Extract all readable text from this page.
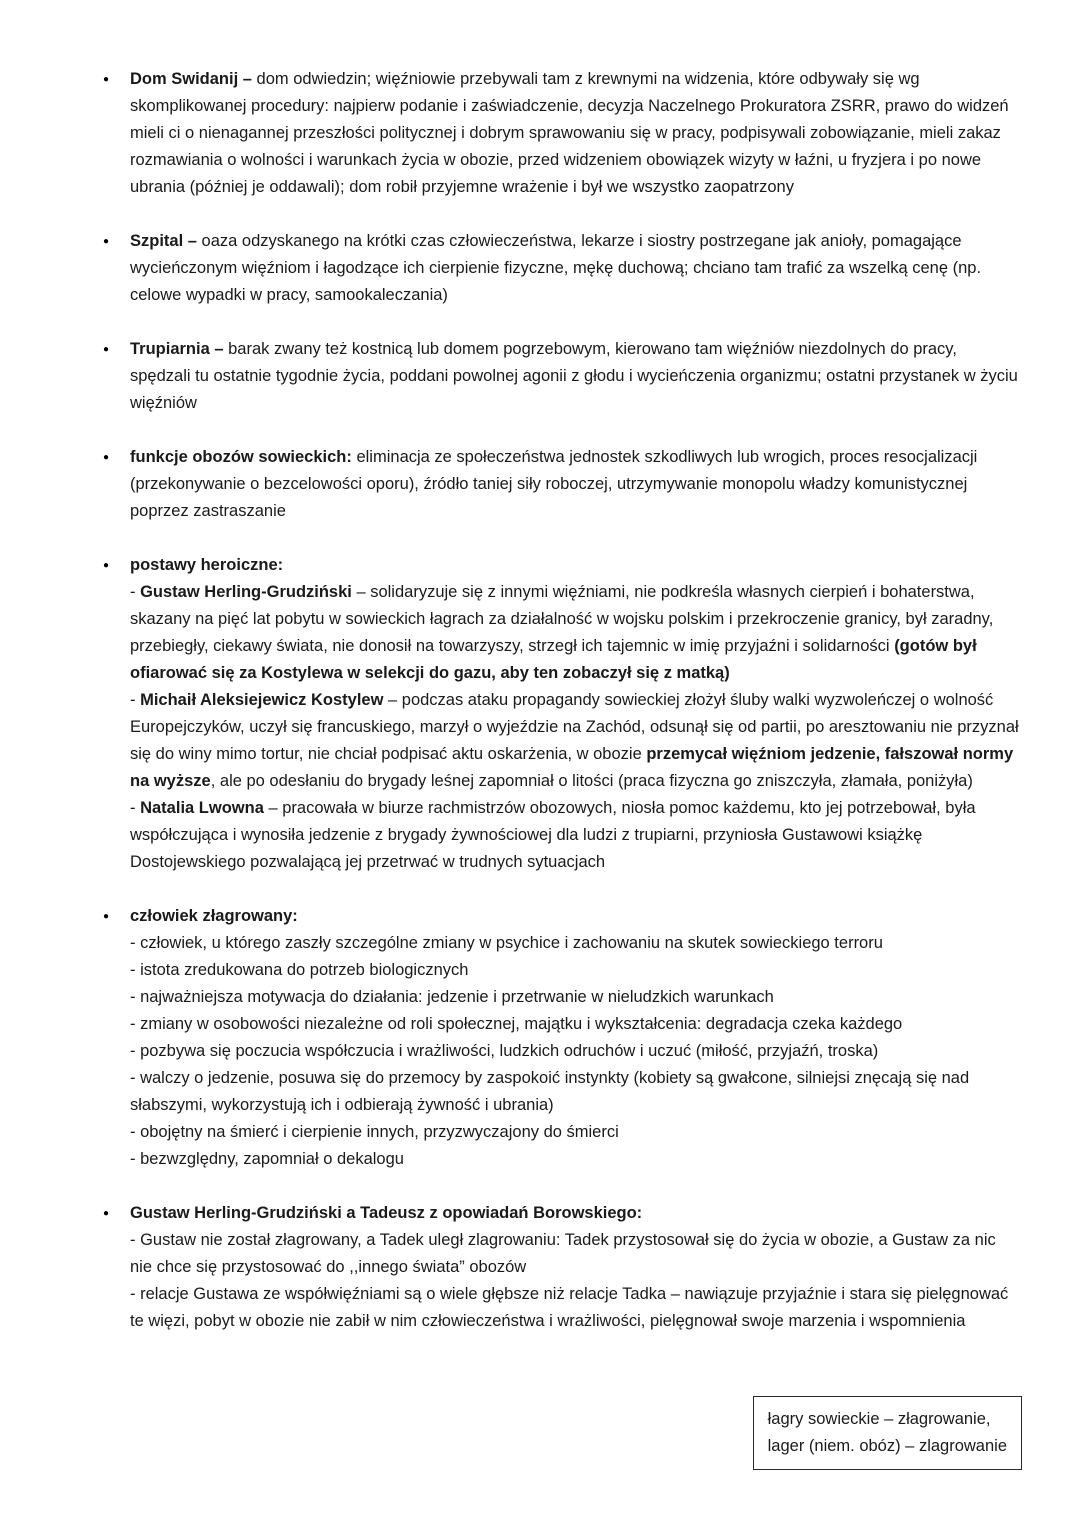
●	Dom Swidanij – dom odwiedzin; więźniowie przebywali tam z krewnymi na widzenia, które odbywały się wg skomplikowanej procedury: najpierw podanie i zaświadczenie, decyzja Naczelnego Prokuratora ZSRR, prawo do widzeń mieli ci o nienagannej przeszłości politycznej i dobrym sprawowaniu się w pracy, podpisywali zobowiązanie, mieli zakaz rozmawiania o wolności i warunkach życia w obozie, przed widzeniem obowiązek wizyty w łaźni, u fryzjera i po nowe ubrania (później je oddawali); dom robił przyjemne wrażenie i był we wszystko zaopatrzony
●	Szpital – oaza odzyskanego na krótki czas człowieczeństwa, lekarze i siostry postrzegane jak anioły, pomagające wycieńczonym więźniom i łagodzące ich cierpienie fizyczne, mękę duchową; chciano tam trafić za wszelką cenę (np. celowe wypadki w pracy, samookaleczania)
●	Trupiarnia – barak zwany też kostnicą lub domem pogrzebowym, kierowano tam więźniów niezdolnych do pracy, spędzali tu ostatnie tygodnie życia, poddani powolnej agonii z głodu i wycieńczenia organizmu; ostatni przystanek w życiu więźniów
●	funkcje obozów sowieckich: eliminacja ze społeczeństwa jednostek szkodliwych lub wrogich, proces resocjalizacji (przekonywanie o bezcelowości oporu), źródło taniej siły roboczej, utrzymywanie monopolu władzy komunistycznej poprzez zastraszanie
●	postawy heroiczne:
- Gustaw Herling-Grudziński – solidaryzuje się z innymi więźniami, nie podkreśla własnych cierpień i bohaterstwa, skazany na pięć lat pobytu w sowieckich łagrach za działalność w wojsku polskim i przekroczenie granicy, był zaradny, przebiegły, ciekawy świata, nie donosił na towarzyszy, strzegł ich tajemnic w imię przyjaźni i solidarności (gotów był ofiarować się za Kostylewa w selekcji do gazu, aby ten zobaczył się z matką)
- Michaił Aleksiejewicz Kostylew – podczas ataku propagandy sowieckiej złożył śluby walki wyzwoleńczej o wolność Europejczyków, uczył się francuskiego, marzył o wyjeździe na Zachód, odsunął się od partii, po aresztowaniu nie przyznał się do winy mimo tortur, nie chciał podpisać aktu oskarżenia, w obozie przemycał więźniom jedzenie, fałszował normy na wyższe, ale po odesłaniu do brygady leśnej zapomniał o litości (praca fizyczna go zniszczyła, złamała, poniżyła)
- Natalia Lwowna – pracowała w biurze rachmistrzów obozowych, niosła pomoc każdemu, kto jej potrzebował, była współczująca i wynosiła jedzenie z brygady żywnościowej dla ludzi z trupiarni, przyniosła Gustawowi książkę Dostojewskiego pozwalającą jej przetrwać w trudnych sytuacjach
●	człowiek złagrowany:
- człowiek, u którego zaszły szczególne zmiany w psychice i zachowaniu na skutek sowieckiego terroru
- istota zredukowana do potrzeb biologicznych
- najważniejsza motywacja do działania: jedzenie i przetrwanie w nieludzkich warunkach
- zmiany w osobowości niezależne od roli społecznej, majątku i wykształcenia: degradacja czeka każdego
- pozbywa się poczucia współczucia i wrażliwości, ludzkich odruchów i uczuć (miłość, przyjaźń, troska)
- walczy o jedzenie, posuwa się do przemocy by zaspokoić instynkty (kobiety są gwałcone, silniejsi znęcają się nad słabszymi, wykorzystują ich i odbierają żywność i ubrania)
- obojętny na śmierć i cierpienie innych, przyzwyczajony do śmierci
- bezwzględny, zapomniał o dekalogu
●	Gustaw Herling-Grudziński a Tadeusz z opowiadań Borowskiego:
- Gustaw nie został złagrowany, a Tadek uległ zlagrowaniu: Tadek przystosował się do życia w obozie, a Gustaw za nic nie chce się przystosować do ,,innego świata” obozów
- relacje Gustawa ze współwięźniami są o wiele głębsze niż relacje Tadka – nawiązuje przyjaźnie i stara się pielęgnować te więzi, pobyt w obozie nie zabił w nim człowieczeństwa i wrażliwości, pielęgnował swoje marzenia i wspomnienia
łagry sowieckie – złagrowanie,
lager (niem. obóz) – zlagrowanie
